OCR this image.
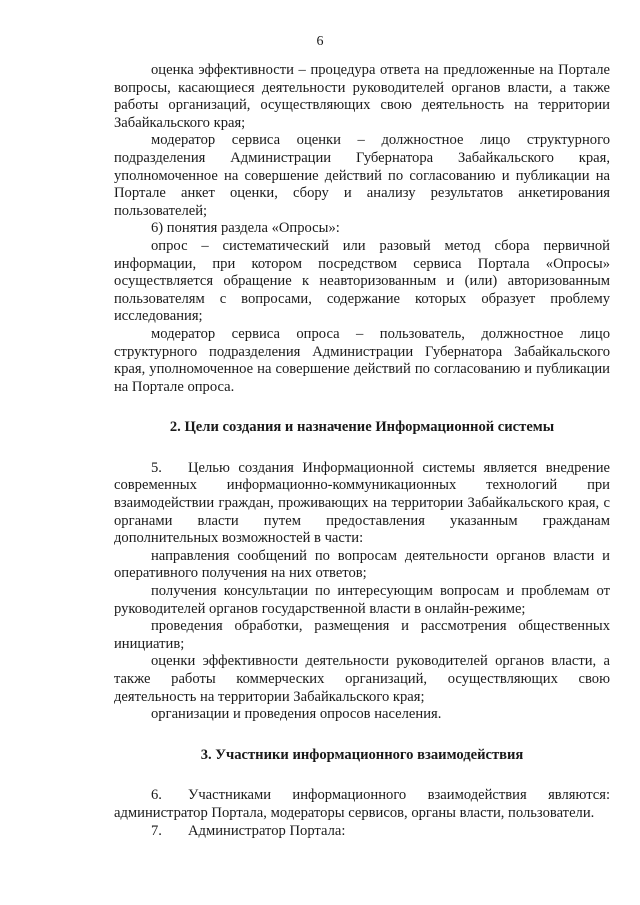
6

оценка эффективности – процедура ответа на предложенные на Портале вопросы, касающиеся деятельности руководителей органов власти, а также работы организаций, осуществляющих свою деятельность на территории Забайкальского края;

модератор сервиса оценки – должностное лицо структурного подразделения Администрации Губернатора Забайкальского края, уполномоченное на совершение действий по согласованию и публикации на Портале анкет оценки, сбору и анализу результатов анкетирования пользователей;

6) понятия раздела «Опросы»:

опрос – систематический или разовый метод сбора первичной информации, при котором посредством сервиса Портала «Опросы» осуществляется обращение к неавторизованным и (или) авторизованным пользователям с вопросами, содержание которых образует проблему исследования;

модератор сервиса опроса – пользователь, должностное лицо структурного подразделения Администрации Губернатора Забайкальского края, уполномоченное на совершение действий по согласованию и публикации на Портале опроса.

2. Цели создания и назначение Информационной системы

5. Целью создания Информационной системы является внедрение современных информационно-коммуникационных технологий при взаимодействии граждан, проживающих на территории Забайкальского края, с органами власти путем предоставления указанным гражданам дополнительных возможностей в части:

направления сообщений по вопросам деятельности органов власти и оперативного получения на них ответов;

получения консультации по интересующим вопросам и проблемам от руководителей органов государственной власти в онлайн-режиме;

проведения обработки, размещения и рассмотрения общественных инициатив;

оценки эффективности деятельности руководителей органов власти, а также работы коммерческих организаций, осуществляющих свою деятельность на территории Забайкальского края;

организации и проведения опросов населения.

3. Участники информационного взаимодействия

6. Участниками информационного взаимодействия являются: администратор Портала, модераторы сервисов, органы власти, пользователи.

7. Администратор Портала:
